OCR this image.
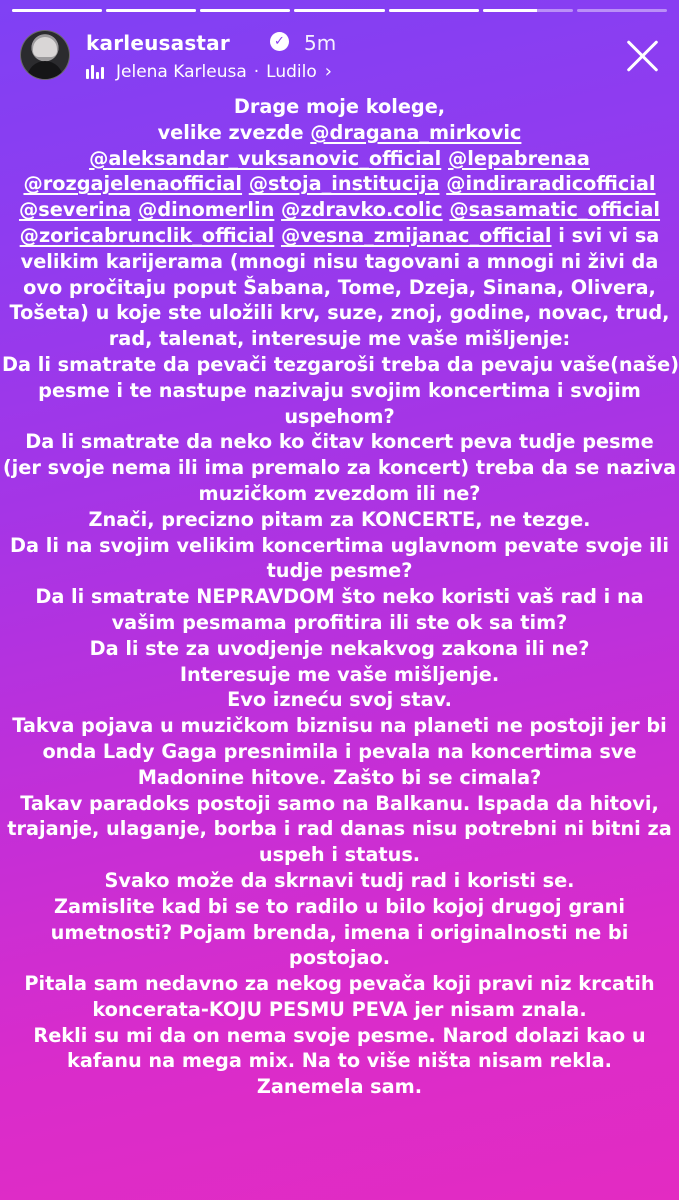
karleusastar	✓ 5m
Jelena Karleusa · Ludilo ›
Drage moje kolege,
velike zvezde @dragana_mirkovic
@aleksandar_vuksanovic_official @lepabrenaa
@rozgajelenaofficial @stoja_institucija @indiraradicofficial
@severina @dinomerlin @zdravko.colic @sasamatic_official
@zoricabrunclik_official @vesna_zmijanac_official i svi vi sa
velikim karijerama (mnogi nisu tagovani a mnogi ni živi da
ovo pročitaju poput Šabana, Tome, Dzeja, Sinana, Olivera,
Tošeta) u koje ste uložili krv, suze, znoj, godine, novac, trud,
rad, talenat, interesuje me vaše mišljenje:
Da li smatrate da pevači tezgaroši treba da pevaju vaše(naše)
pesme i te nastupe nazivaju svojim koncertima i svojim
uspehom?
Da li smatrate da neko ko čitav koncert peva tudje pesme
(jer svoje nema ili ima premalo za koncert) treba da se naziva
muzičkom zvezdom ili ne?
Znači, precizno pitam za KONCERTE, ne tezge.
Da li na svojim velikim koncertima uglavnom pevate svoje ili
tudje pesme?
Da li smatrate NEPRAVDOM što neko koristi vaš rad i na
vašim pesmama profitira ili ste ok sa tim?
Da li ste za uvodjenje nekakvog zakona ili ne?
Interesuje me vaše mišljenje.
Evo izneću svoj stav.
Takva pojava u muzičkom biznisu na planeti ne postoji jer bi
onda Lady Gaga presnimila i pevala na koncertima sve
Madonine hitove. Zašto bi se cimala?
Takav paradoks postoji samo na Balkanu. Ispada da hitovi,
trajanje, ulaganje, borba i rad danas nisu potrebni ni bitni za
uspeh i status.
Svako može da skrnavi tudj rad i koristi se.
Zamislite kad bi se to radilo u bilo kojoj drugoj grani
umetnosti? Pojam brenda, imena i originalnosti ne bi
postojao.
Pitala sam nedavno za nekog pevača koji pravi niz krcatih
koncerata-KOJU PESMU PEVA jer nisam znala.
Rekli su mi da on nema svoje pesme. Narod dolazi kao u
kafanu na mega mix. Na to više ništa nisam rekla.
Zanemela sam.
